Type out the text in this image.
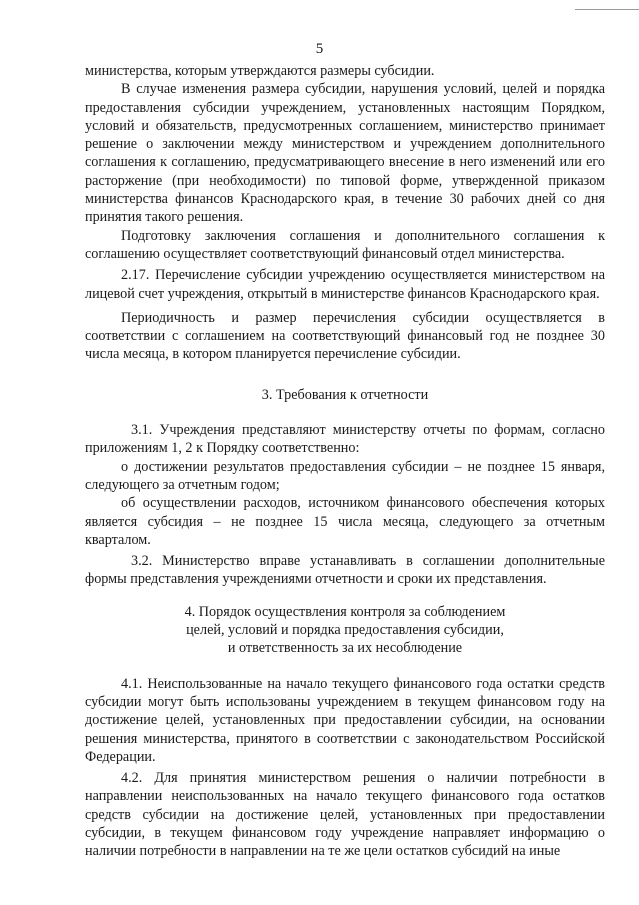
5

министерства, которым утверждаются размеры субсидии.

В случае изменения размера субсидии, нарушения условий, целей и порядка предоставления субсидии учреждением, установленных настоящим Порядком, условий и обязательств, предусмотренных соглашением, министерство принимает решение о заключении между министерством и учреждением дополнительного соглашения к соглашению, предусматривающего внесение в него изменений или его расторжение (при необходимости) по типовой форме, утвержденной приказом министерства финансов Краснодарского края, в течение 30 рабочих дней со дня принятия такого решения.

Подготовку заключения соглашения и дополнительного соглашения к соглашению осуществляет соответствующий финансовый отдел министерства.

2.17. Перечисление субсидии учреждению осуществляется министерством на лицевой счет учреждения, открытый в министерстве финансов Краснодарского края.

Периодичность и размер перечисления субсидии осуществляется в соответствии с соглашением на соответствующий финансовый год не позднее 30 числа месяца, в котором планируется перечисление субсидии.

3. Требования к отчетности

3.1. Учреждения представляют министерству отчеты по формам, согласно приложениям 1, 2 к Порядку соответственно:

о достижении результатов предоставления субсидии – не позднее 15 января, следующего за отчетным годом;

об осуществлении расходов, источником финансового обеспечения которых является субсидия – не позднее 15 числа месяца, следующего за отчетным кварталом.

3.2. Министерство вправе устанавливать в соглашении дополнительные формы представления учреждениями отчетности и сроки их представления.

4. Порядок осуществления контроля за соблюдением

целей, условий и порядка предоставления субсидии,

и ответственность за их несоблюдение

4.1. Неиспользованные на начало текущего финансового года остатки средств субсидии могут быть использованы учреждением в текущем финансовом году на достижение целей, установленных при предоставлении субсидии, на основании решения министерства, принятого в соответствии с законодательством Российской Федерации.

4.2. Для принятия министерством решения о наличии потребности в направлении неиспользованных на начало текущего финансового года остатков средств субсидии на достижение целей, установленных при предоставлении субсидии, в текущем финансовом году учреждение направляет информацию о наличии потребности в направлении на те же цели остатков субсидий на иные
